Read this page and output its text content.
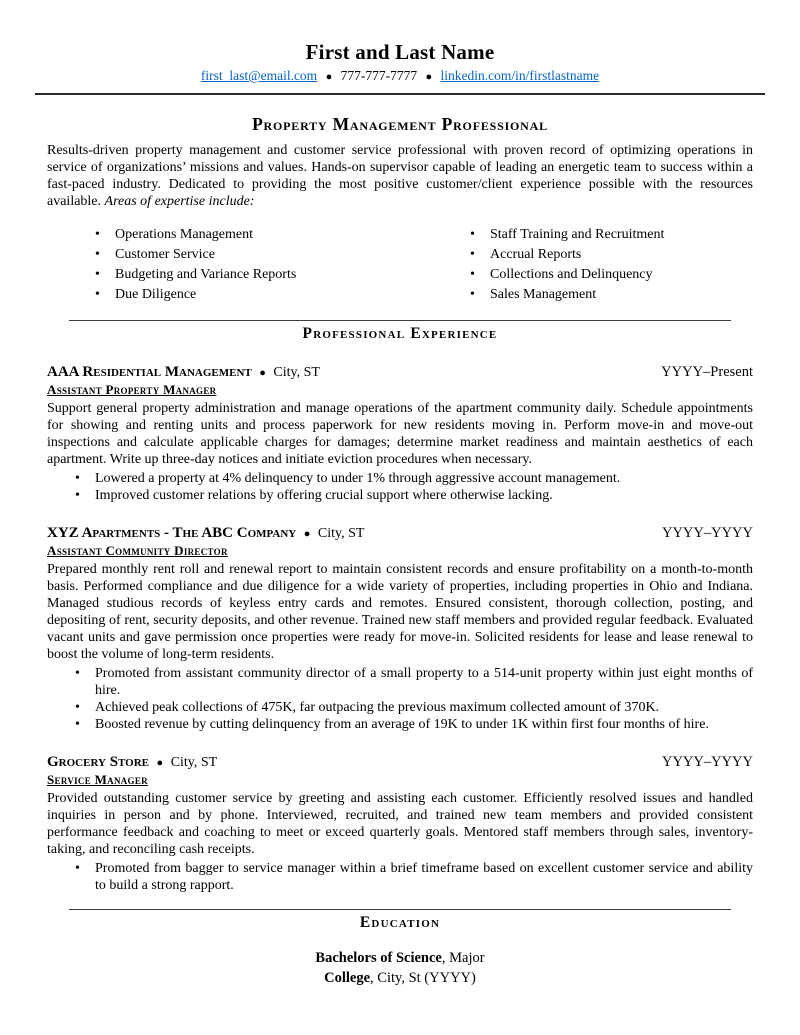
First and Last Name
first_last@email.com ● 777-777-7777 ● linkedin.com/in/firstlastname
Property Management Professional

Results-driven property management and customer service professional with proven record of optimizing operations in service of organizations’ missions and values. Hands-on supervisor capable of leading an energetic team to success within a fast-paced industry. Dedicated to providing the most positive customer/client experience possible with the resources available. Areas of expertise include:

• Operations Management
• Customer Service
• Budgeting and Variance Reports
• Due Diligence
• Staff Training and Recruitment
• Accrual Reports
• Collections and Delinquency
• Sales Management
Professional Experience
AAA Residential Management ● City, ST	YYYY–Present
Assistant Property Manager

Support general property administration and manage operations of the apartment community daily. Schedule appointments for showing and renting units and process paperwork for new residents moving in. Perform move-in and move-out inspections and calculate applicable charges for damages; determine market readiness and maintain aesthetics of each apartment. Write up three-day notices and initiate eviction procedures when necessary.

• Lowered a property at 4% delinquency to under 1% through aggressive account management.
• Improved customer relations by offering crucial support where otherwise lacking.
XYZ Apartments - The ABC Company ● City, ST	YYYY–YYYY
Assistant Community Director

Prepared monthly rent roll and renewal report to maintain consistent records and ensure profitability on a month-to-month basis. Performed compliance and due diligence for a wide variety of properties, including properties in Ohio and Indiana. Managed studious records of keyless entry cards and remotes. Ensured consistent, thorough collection, posting, and depositing of rent, security deposits, and other revenue. Trained new staff members and provided regular feedback. Evaluated vacant units and gave permission once properties were ready for move-in. Solicited residents for lease and lease renewal to boost the volume of long-term residents.

• Promoted from assistant community director of a small property to a 514-unit property within just eight months of hire.
• Achieved peak collections of 475K, far outpacing the previous maximum collected amount of 370K.
• Boosted revenue by cutting delinquency from an average of 19K to under 1K within first four months of hire.
Grocery Store ● City, ST	YYYY–YYYY
Service Manager

Provided outstanding customer service by greeting and assisting each customer. Efficiently resolved issues and handled inquiries in person and by phone. Interviewed, recruited, and trained new team members and provided consistent performance feedback and coaching to meet or exceed quarterly goals. Mentored staff members through sales, inventory-taking, and reconciling cash receipts.

• Promoted from bagger to service manager within a brief timeframe based on excellent customer service and ability to build a strong rapport.
Education

Bachelors of Science, Major

College, City, St (YYYY)
